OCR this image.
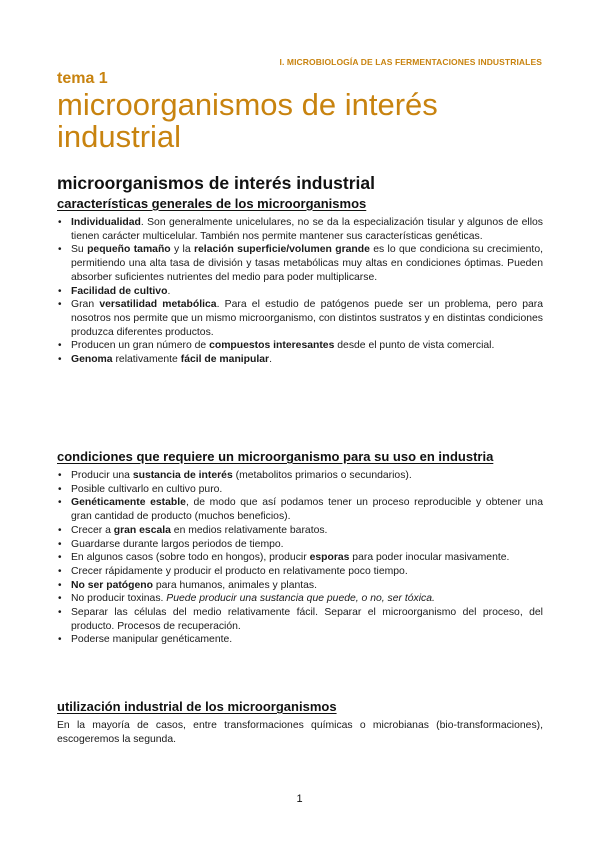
I. MICROBIOLOGÍA DE LAS FERMENTACIONES INDUSTRIALES
tema 1
microorganismos de interés industrial
microorganismos de interés industrial
características generales de los microorganismos
• Individualidad. Son generalmente unicelulares, no se da la especialización tisular y algunos de ellos tienen carácter multicelular. También nos permite mantener sus características genéticas.
• Su pequeño tamaño y la relación superficie/volumen grande es lo que condiciona su crecimiento, permitiendo una alta tasa de división y tasas metabólicas muy altas en condiciones óptimas. Pueden absorber suficientes nutrientes del medio para poder multiplicarse.
• Facilidad de cultivo.
• Gran versatilidad metabólica. Para el estudio de patógenos puede ser un problema, pero para nosotros nos permite que un mismo microorganismo, con distintos sustratos y en distintas condiciones produzca diferentes productos.
• Producen un gran número de compuestos interesantes desde el punto de vista comercial.
• Genoma relativamente fácil de manipular.
condiciones que requiere un microorganismo para su uso en industria
• Producir una sustancia de interés (metabolitos primarios o secundarios).
• Posible cultivarlo en cultivo puro.
• Genéticamente estable, de modo que así podamos tener un proceso reproducible y obtener una gran cantidad de producto (muchos beneficios).
• Crecer a gran escala en medios relativamente baratos.
• Guardarse durante largos periodos de tiempo.
• En algunos casos (sobre todo en hongos), producir esporas para poder inocular masivamente.
• Crecer rápidamente y producir el producto en relativamente poco tiempo.
• No ser patógeno para humanos, animales y plantas.
• No producir toxinas. Puede producir una sustancia que puede, o no, ser tóxica.
• Separar las células del medio relativamente fácil. Separar el microorganismo del proceso, del producto. Procesos de recuperación.
• Poderse manipular genéticamente.
utilización industrial de los microorganismos

En la mayoría de casos, entre transformaciones químicas o microbianas (bio-transformaciones), escogeremos la segunda.

1
